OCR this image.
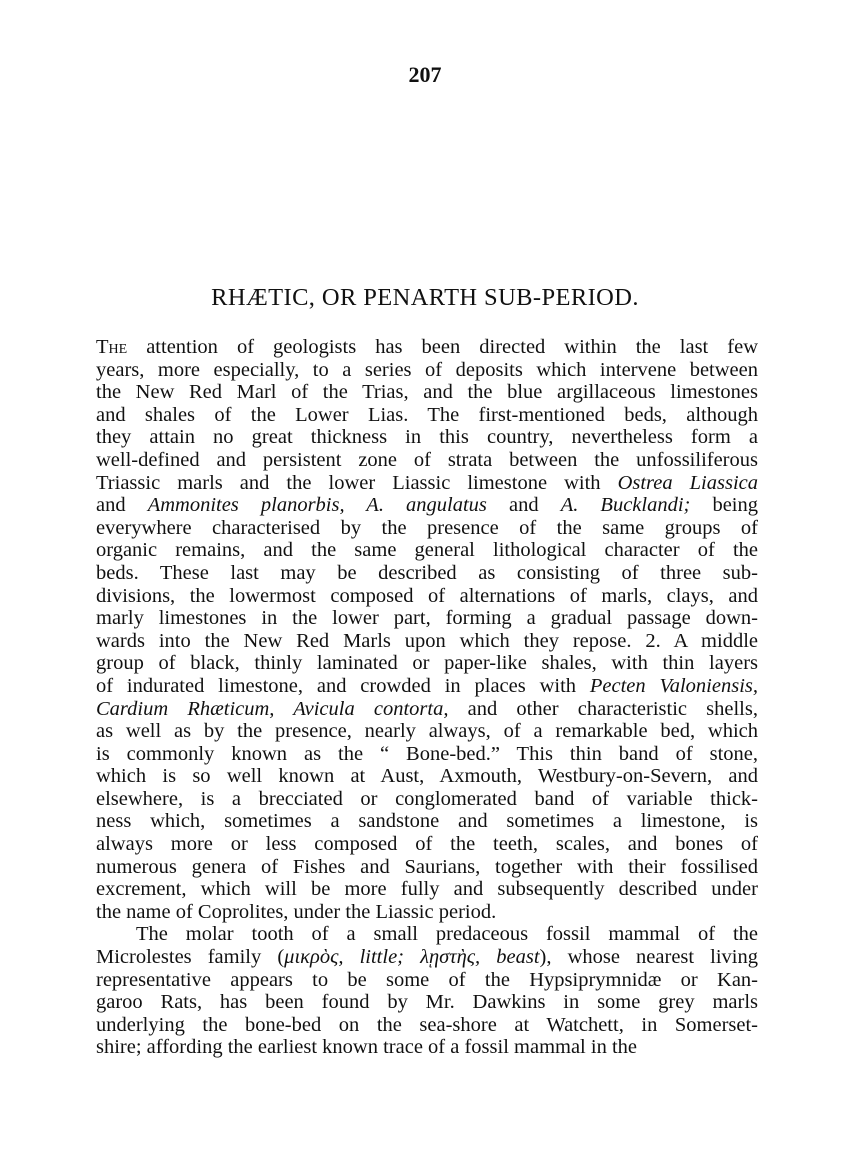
207
RHÆTIC, OR PENARTH SUB-PERIOD.
The attention of geologists has been directed within the last few
years, more especially, to a series of deposits which intervene between
the New Red Marl of the Trias, and the blue argillaceous limestones
and shales of the Lower Lias. The first-mentioned beds, although
they attain no great thickness in this country, nevertheless form a
well-defined and persistent zone of strata between the unfossiliferous
Triassic marls and the lower Liassic limestone with Ostrea Liassica
and Ammonites planorbis, A. angulatus and A. Bucklandi; being
everywhere characterised by the presence of the same groups of
organic remains, and the same general lithological character of the
beds. These last may be described as consisting of three sub-
divisions, the lowermost composed of alternations of marls, clays, and
marly limestones in the lower part, forming a gradual passage down-
wards into the New Red Marls upon which they repose. 2. A middle
group of black, thinly laminated or paper-like shales, with thin layers
of indurated limestone, and crowded in places with Pecten Valoniensis,
Cardium Rhæticum, Avicula contorta, and other characteristic shells,
as well as by the presence, nearly always, of a remarkable bed, which
is commonly known as the “ Bone-bed.” This thin band of stone,
which is so well known at Aust, Axmouth, Westbury-on-Severn, and
elsewhere, is a brecciated or conglomerated band of variable thick-
ness which, sometimes a sandstone and sometimes a limestone, is
always more or less composed of the teeth, scales, and bones of
numerous genera of Fishes and Saurians, together with their fossilised
excrement, which will be more fully and subsequently described under
the name of Coprolites, under the Liassic period.
The molar tooth of a small predaceous fossil mammal of the
Microlestes family (μικρὸς, little; λῃστὴς, beast), whose nearest living
representative appears to be some of the Hypsiprymnidæ or Kan-
garoo Rats, has been found by Mr. Dawkins in some grey marls
underlying the bone-bed on the sea-shore at Watchett, in Somerset-
shire; affording the earliest known trace of a fossil mammal in the
